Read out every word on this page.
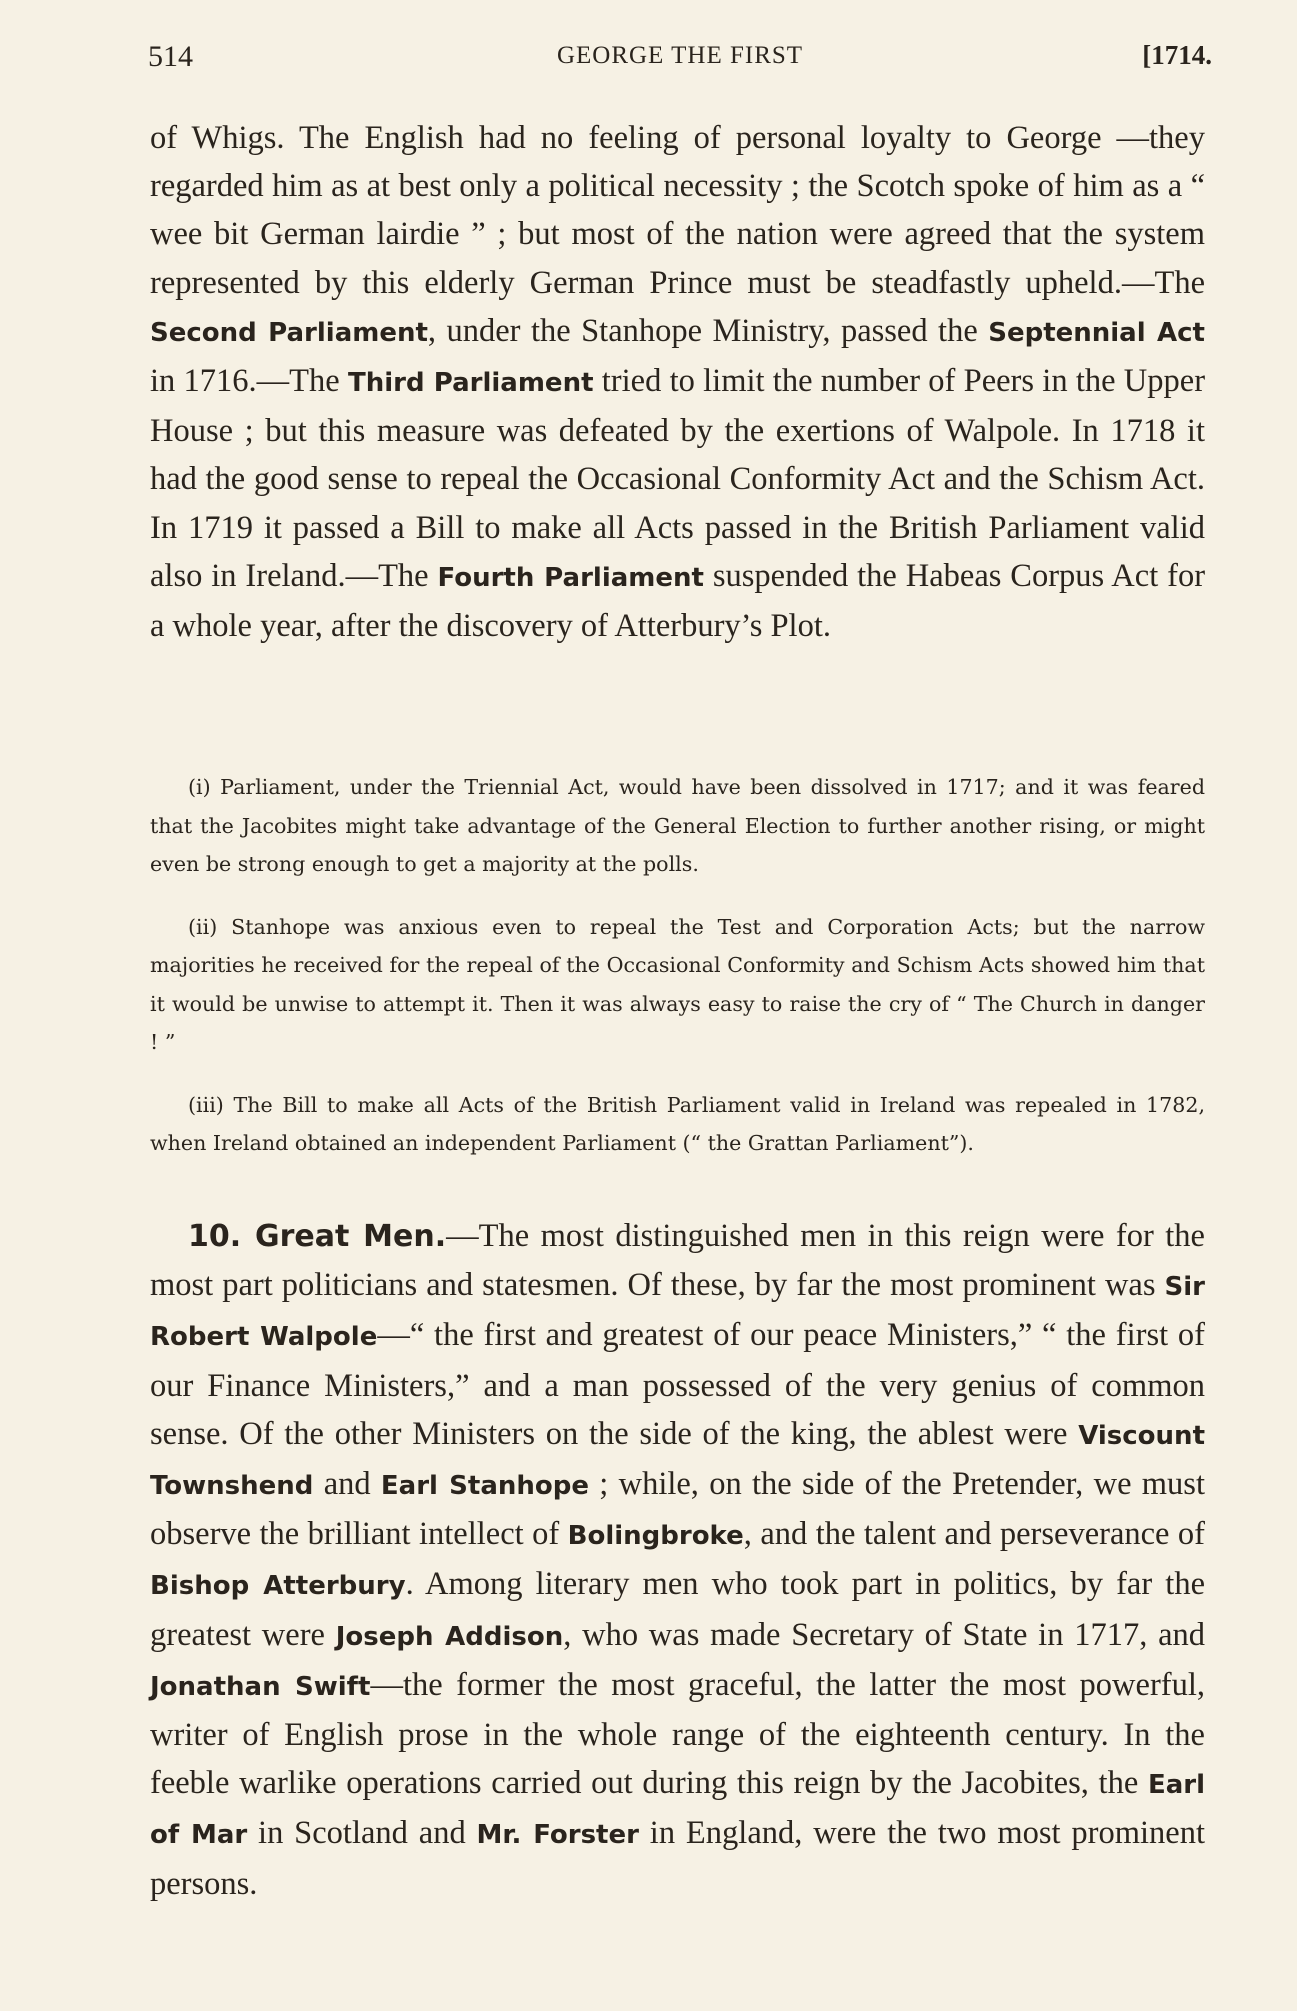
514	GEORGE THE FIRST	[1714.

of Whigs. The English had no feeling of personal loyalty to George —they regarded him as at best only a political necessity ; the Scotch spoke of him as a “ wee bit German lairdie ” ; but most of the nation were agreed that the system represented by this elderly German Prince must be steadfastly upheld.—The Second Parliament, under the Stanhope Ministry, passed the Septennial Act in 1716.—The Third Parliament tried to limit the number of Peers in the Upper House ; but this measure was defeated by the exertions of Walpole. In 1718 it had the good sense to repeal the Occasional Conformity Act and the Schism Act. In 1719 it passed a Bill to make all Acts passed in the British Parliament valid also in Ireland.—The Fourth Parliament suspended the Habeas Corpus Act for a whole year, after the discovery of Atterbury’s Plot.

(i) Parliament, under the Triennial Act, would have been dissolved in 1717; and it was feared that the Jacobites might take advantage of the General Election to further another rising, or might even be strong enough to get a majority at the polls.

(ii) Stanhope was anxious even to repeal the Test and Corporation Acts; but the narrow majorities he received for the repeal of the Occasional Conformity and Schism Acts showed him that it would be unwise to attempt it. Then it was always easy to raise the cry of “ The Church in danger ! ”

(iii) The Bill to make all Acts of the British Parliament valid in Ireland was repealed in 1782, when Ireland obtained an independent Parliament (“ the Grattan Parliament”).

10. Great Men.—The most distinguished men in this reign were for the most part politicians and statesmen. Of these, by far the most prominent was Sir Robert Walpole—“ the first and greatest of our peace Ministers,” “ the first of our Finance Ministers,” and a man possessed of the very genius of common sense. Of the other Ministers on the side of the king, the ablest were Viscount Townshend and Earl Stanhope ; while, on the side of the Pretender, we must observe the brilliant intellect of Bolingbroke, and the talent and perseverance of Bishop Atterbury. Among literary men who took part in politics, by far the greatest were Joseph Addison, who was made Secretary of State in 1717, and Jonathan Swift—the former the most graceful, the latter the most powerful, writer of English prose in the whole range of the eighteenth century. In the feeble warlike operations carried out during this reign by the Jacobites, the Earl of Mar in Scotland and Mr. Forster in England, were the two most prominent persons.
